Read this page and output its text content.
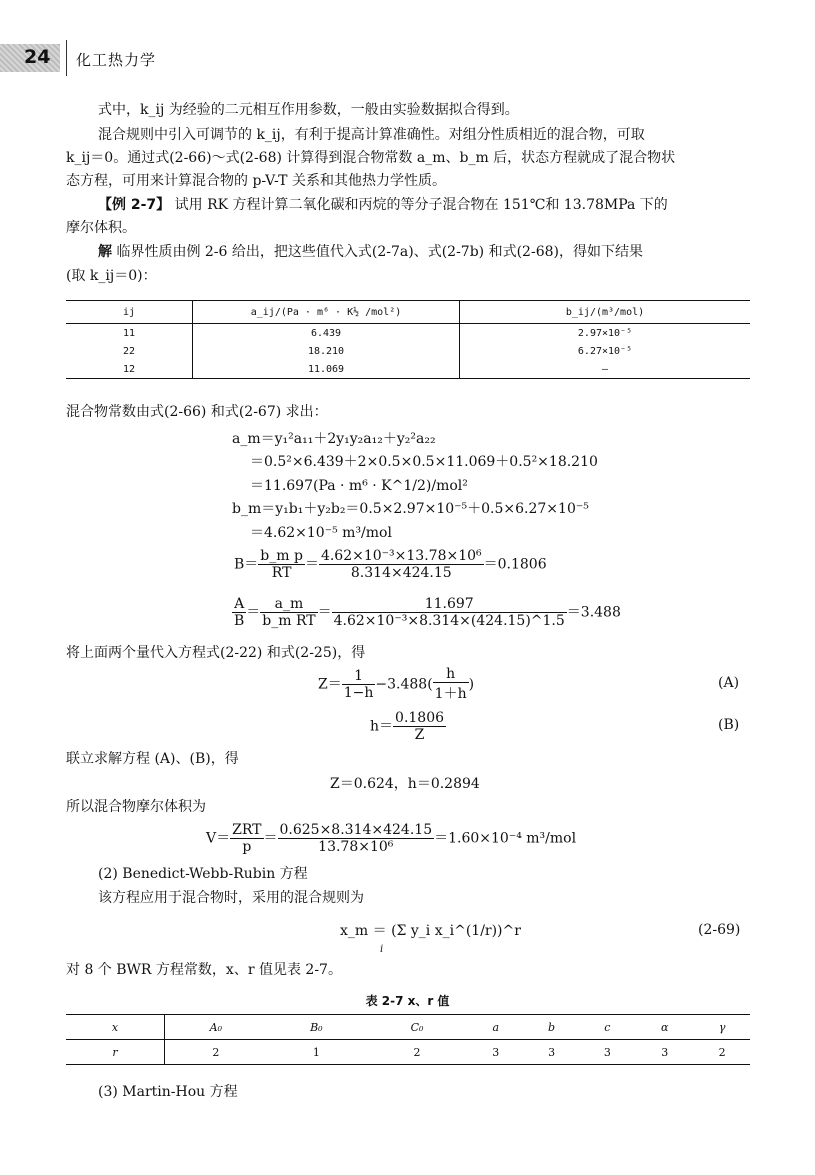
24 化工热力学
式中，k_ij 为经验的二元相互作用参数，一般由实验数据拟合得到。
混合规则中引入可调节的 k_ij，有利于提高计算准确性。对组分性质相近的混合物，可取
k_ij＝0。通过式(2-66)～式(2-68) 计算得到混合物常数 a_m、b_m 后，状态方程就成了混合物状
态方程，可用来计算混合物的 p-V-T 关系和其他热力学性质。
【例 2-7】 试用 RK 方程计算二氧化碳和丙烷的等分子混合物在 151℃和 13.78MPa 下的
摩尔体积。
解 临界性质由例 2-6 给出，把这些值代入式(2-7a)、式(2-7b) 和式(2-68)，得如下结果
(取 k_ij＝0)：
ij	a_ij/(Pa · m⁶ · K½ /mol²)	b_ij/(m³/mol)
11	6.439	2.97×10⁻⁵
22	18.210	6.27×10⁻⁵
12	11.069	—
混合物常数由式(2-66) 和式(2-67) 求出：
a_m＝y₁²a₁₁＋2y₁y₂a₁₂＋y₂²a₂₂
＝0.5²×6.439＋2×0.5×0.5×11.069＋0.5²×18.210
＝11.697(Pa · m⁶ · K^1/2)/mol²
b_m＝y₁b₁＋y₂b₂＝0.5×2.97×10⁻⁵＋0.5×6.27×10⁻⁵
＝4.62×10⁻⁵ m³/mol
$B= \frac{\text{b\_m p}}{RT} = \frac{\text{4.62×10⁻³×13.78×10⁶}}{8.314\times 424.15} =0.1806$
$\frac{A}{B} = \frac{a\_m}{\text{b\_m RT}} = \frac{11.697}{\text{4.62×10⁻³×8.314×(424.15)\textasciicircum{}1.5}} =3.488$
将上面两个量代入方程式(2-22) 和式(2-25)，得
$Z= \frac{1}{1-h} -3.488( \frac{h}{1+h}$ )	(A)
$h= \frac{0.1806}{Z}$	(B)
联立求解方程 (A)、(B)，得
Z＝0.624，h＝0.2894
所以混合物摩尔体积为
$V= \frac{\text{ZRT}}{p} = \frac{0.625\times 8.314\times 424.15}{\text{13.78×10⁶}} =1.60\times 10^{-4}$ m³/mol
(2) Benedict-Webb-Rubin 方程
该方程应用于混合物时，采用的混合规则为
x_m ＝ (Σ y_i x_i^(1/r))^r
i
(2-69)
对 8 个 BWR 方程常数，x、r 值见表 2-7。
表 2-7 x、r 值
x	A₀	B₀	C₀	a	b	c	α	γ
r	2	1	2	3	3	3	3	2
(3) Martin-Hou 方程
